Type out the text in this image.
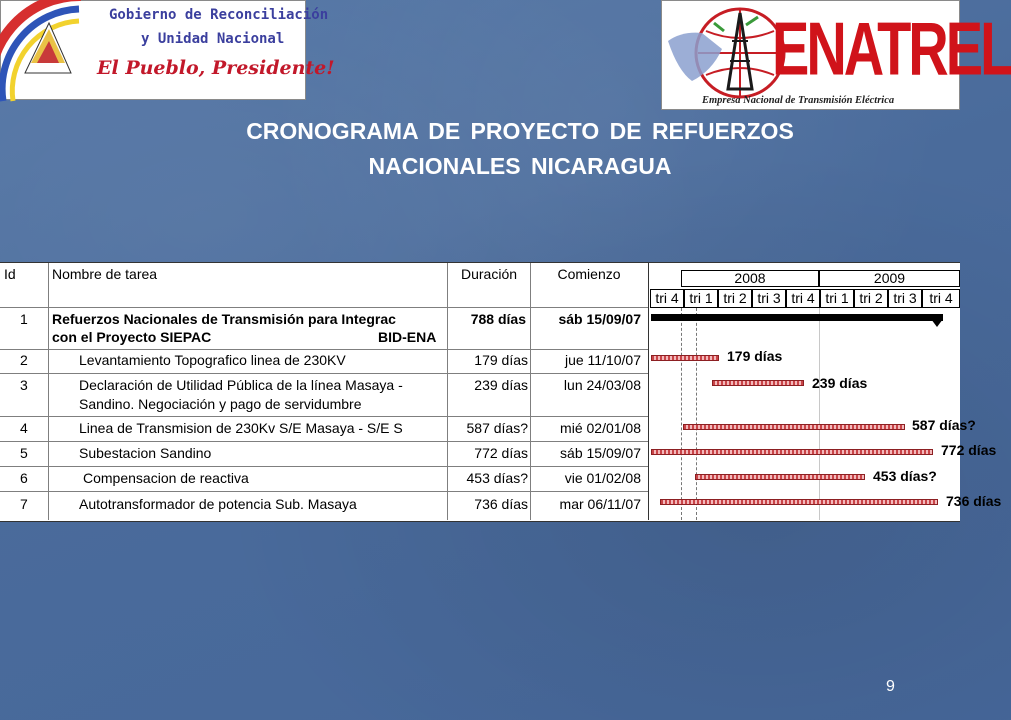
Gobierno de Reconciliación
y Unidad Nacional
El Pueblo, Presidente!	ENATREL
Empresa Nacional de Transmisión Eléctrica
CRONOGRAMA DE PROYECTO DE REFUERZOS
NACIONALES NICARAGUA
Id	Nombre de tarea	Duración	Comienzo
1	Refuerzos Nacionales de Transmisión para Integrac
con el Proyecto SIEPAC	BID-ENA
788 días	sáb 15/09/07
2	Levantamiento Topografico linea de 230KV	179 días	jue 11/10/07
3	Declaración de Utilidad Pública de la línea Masaya -
Sandino. Negociación y pago de servidumbre
239 días	lun 24/03/08
4	Linea de Transmision de 230Kv S/E Masaya - S/E S	587 días?	mié 02/01/08
5	Subestacion Sandino	772 días	sáb 15/09/07
6	Compensacion de reactiva	453 días?	vie 01/02/08
7	Autotransformador de potencia Sub. Masaya	736 días	mar 06/11/07
2008	2009
tri 4 tri 1 tri 2 tri 3 tri 4 tri 1 tri 2 tri 3 tri 4
179 días
239 días
587 días?
772 días
453 días?
736 días
9
